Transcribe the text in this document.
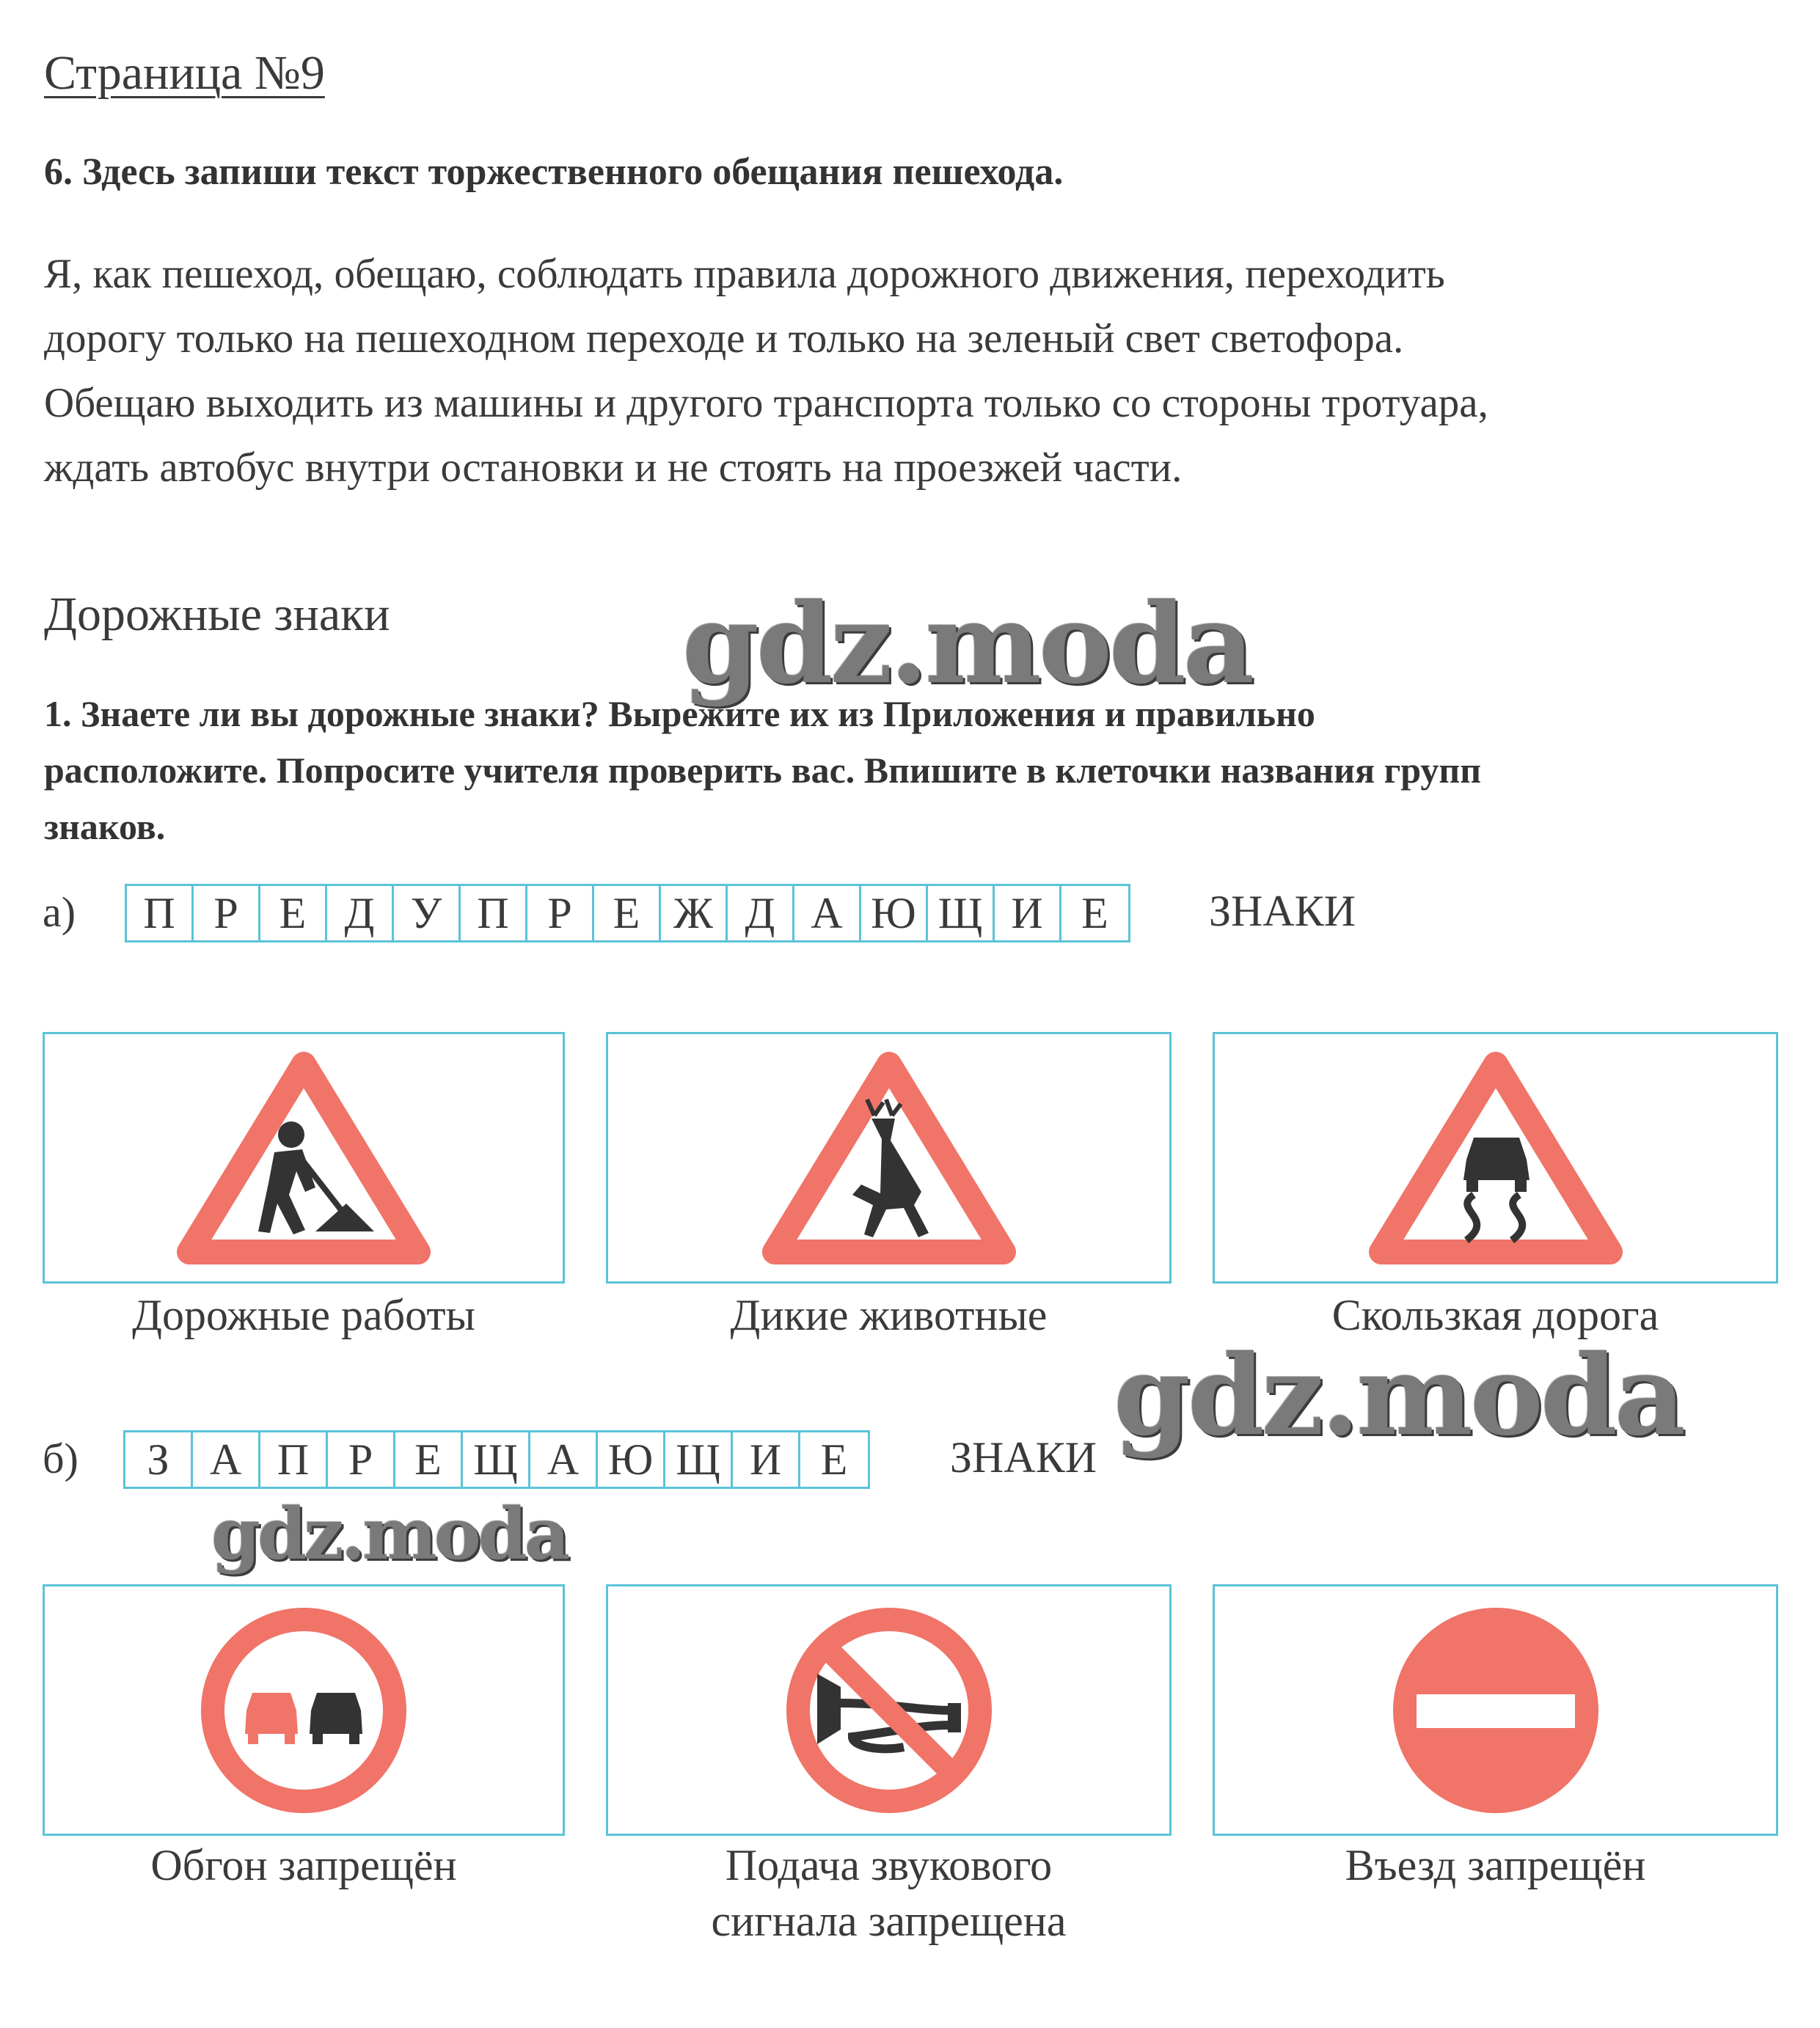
Страница №9
6. Здесь запиши текст торжественного обещания пешехода.
Я, как пешеход, обещаю, соблюдать правила дорожного движения, переходить
дорогу только на пешеходном переходе и только на зеленый свет светофора.
Обещаю выходить из машины и другого транспорта только со стороны тротуара,
ждать автобус внутри остановки и не стоять на проезжей части.
Дорожные знаки	gdz.moda
1. Знаете ли вы дорожные знаки? Вырежите их из Приложения и правильно
расположите. Попросите учителя проверить вас. Впишите в клеточки названия групп
знаков.
а)	П Р Е Д У П Р Е Ж Д А Ю Щ И Е	ЗНАКИ
Дорожные работы	Дикие животные	Скользкая дорога
gdz.moda
б)	З А П Р Е Щ А Ю Щ И Е	ЗНАКИ
gdz.moda
Обгон запрещён	Подача звукового
сигнала запрещена
Въезд запрещён
